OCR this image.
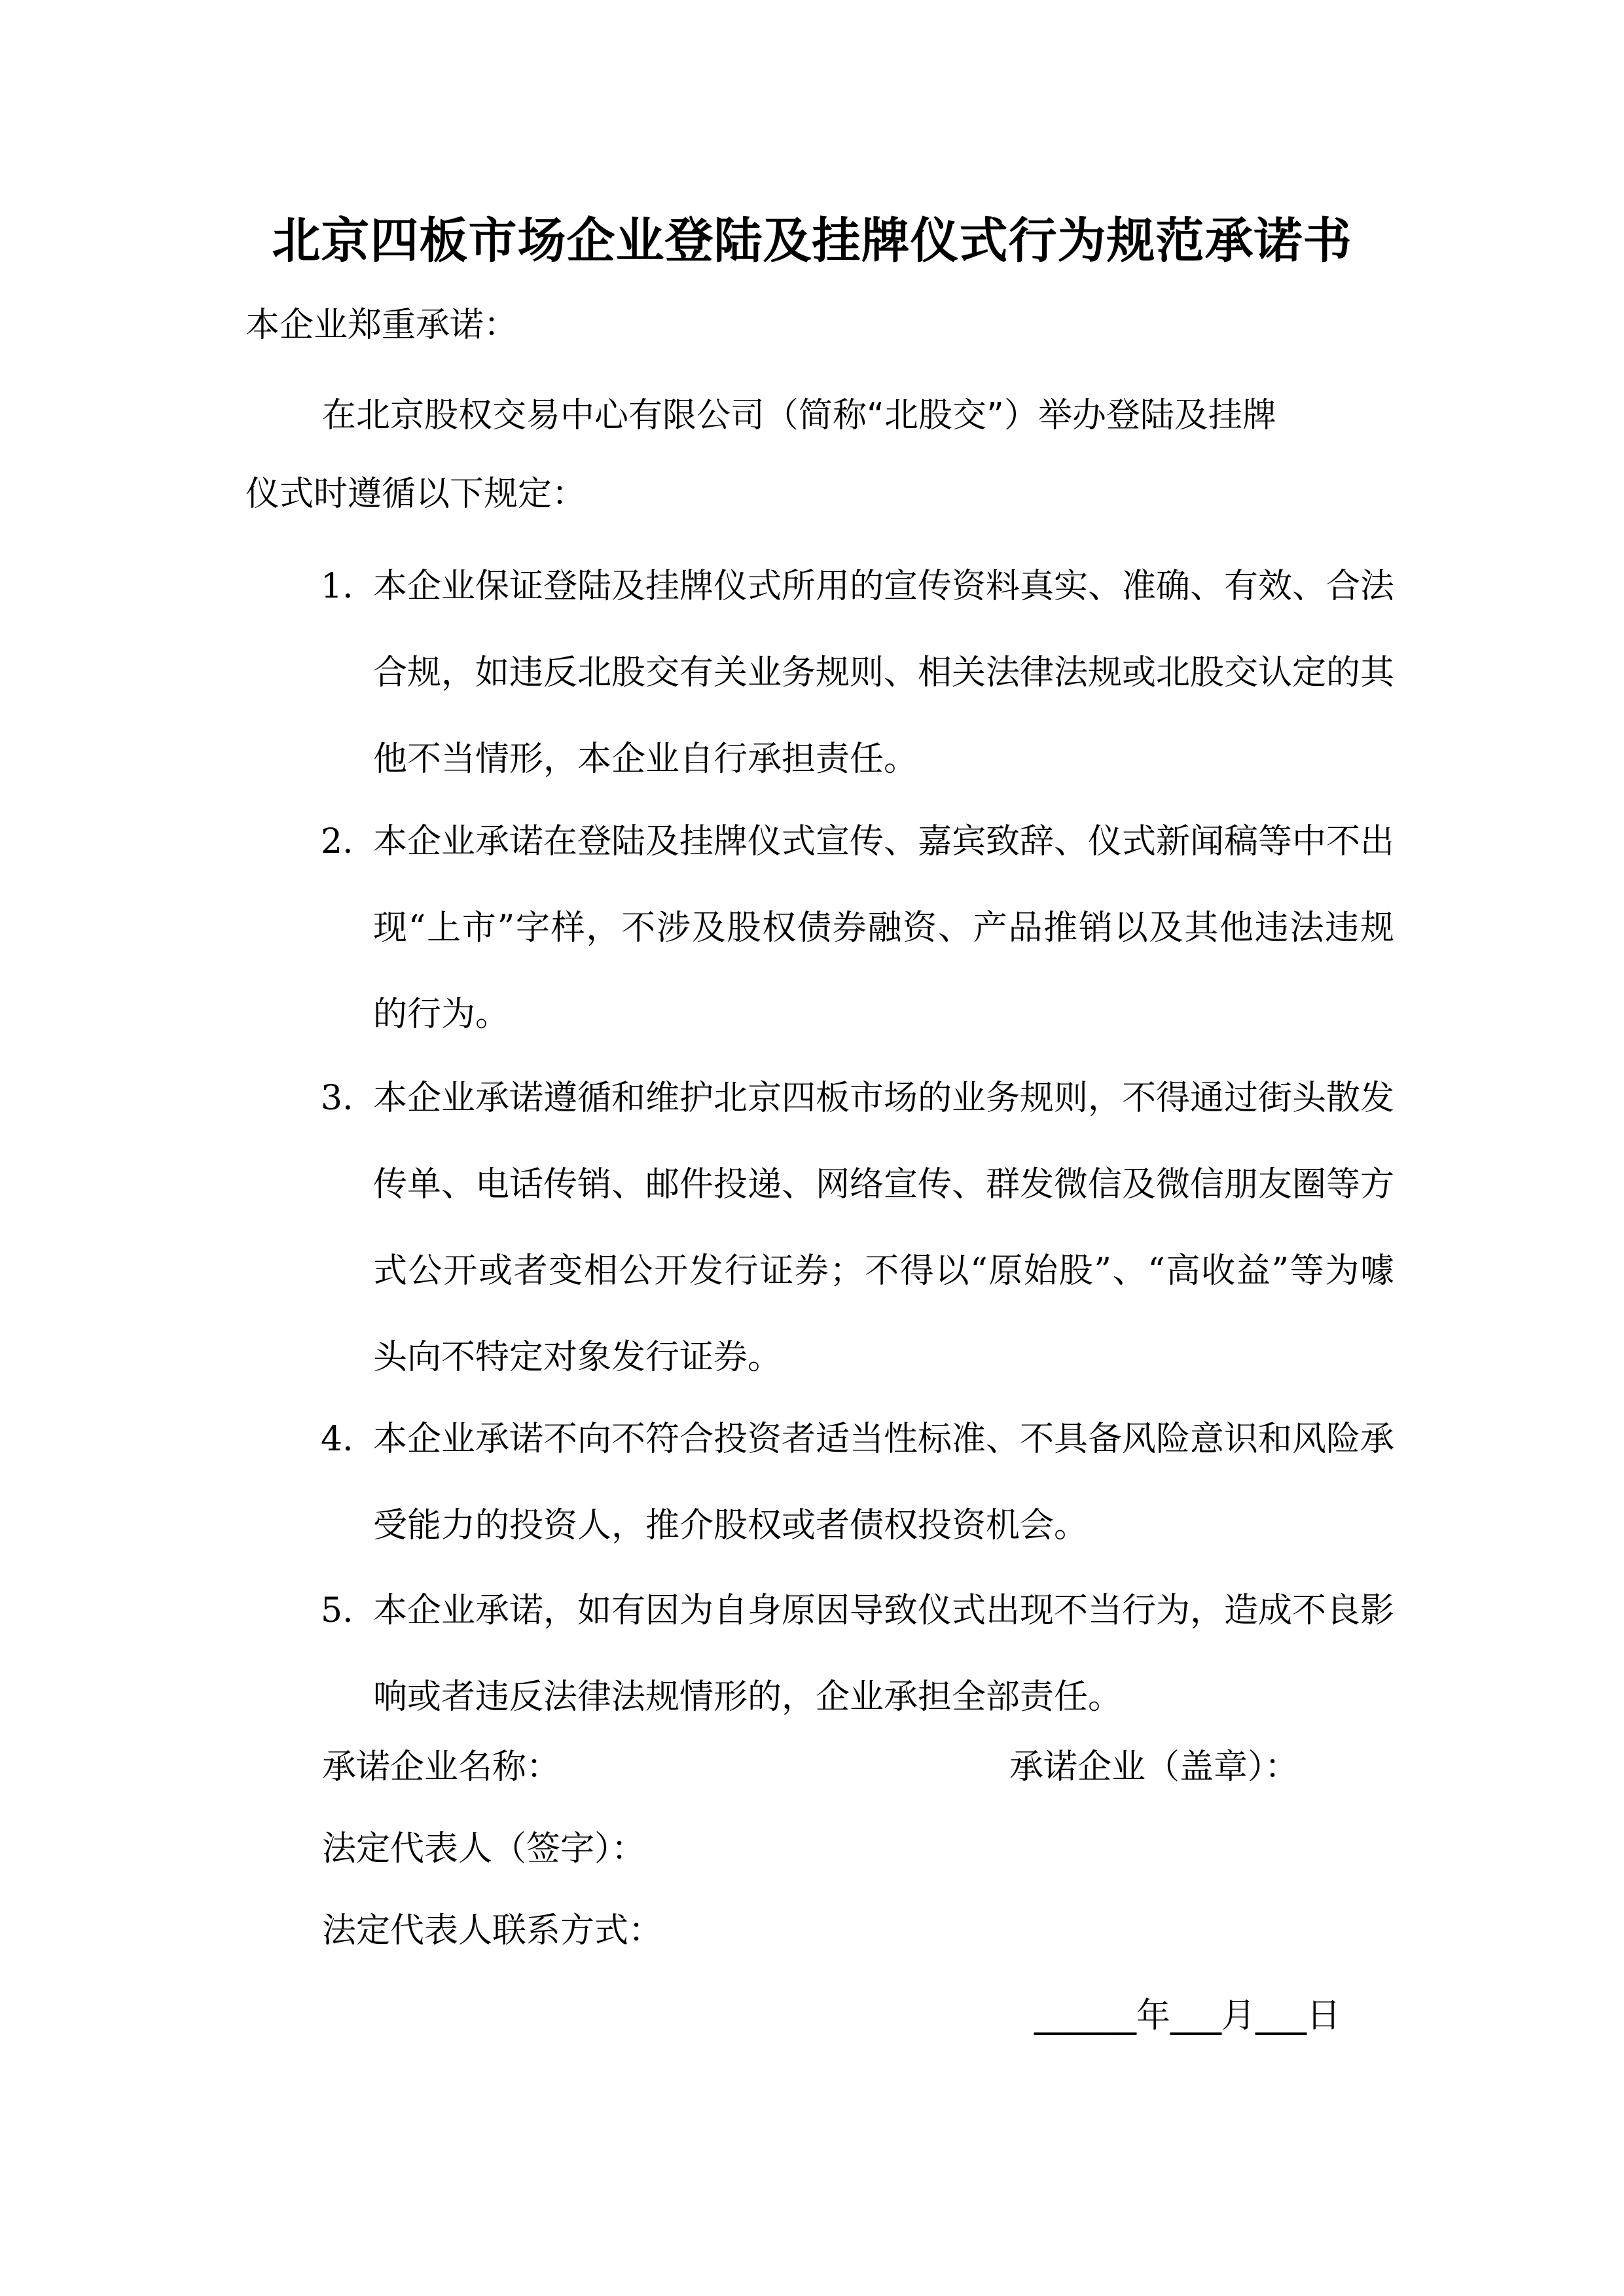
北京四板市场企业登陆及挂牌仪式行为规范承诺书
本企业郑重承诺：
在北京股权交易中心有限公司（简称“北股交”）举办登陆及挂牌
仪式时遵循以下规定：
1. 本企业保证登陆及挂牌仪式所用的宣传资料真实、准确、有效、合法合规，如违反北股交有关业务规则、相关法律法规或北股交认定的其他不当情形，本企业自行承担责任。
2. 本企业承诺在登陆及挂牌仪式宣传、嘉宾致辞、仪式新闻稿等中不出现“上市”字样，不涉及股权债券融资、产品推销以及其他违法违规的行为。
3. 本企业承诺遵循和维护北京四板市场的业务规则，不得通过街头散发传单、电话传销、邮件投递、网络宣传、群发微信及微信朋友圈等方式公开或者变相公开发行证券；不得以“原始股”、“高收益”等为噱头向不特定对象发行证券。
4. 本企业承诺不向不符合投资者适当性标准、不具备风险意识和风险承受能力的投资人，推介股权或者债权投资机会。
5. 本企业承诺，如有因为自身原因导致仪式出现不当行为，造成不良影响或者违反法律法规情形的，企业承担全部责任。
承诺企业名称：	承诺企业（盖章）：
法定代表人（签字）：
法定代表人联系方式：
______年___月___日
